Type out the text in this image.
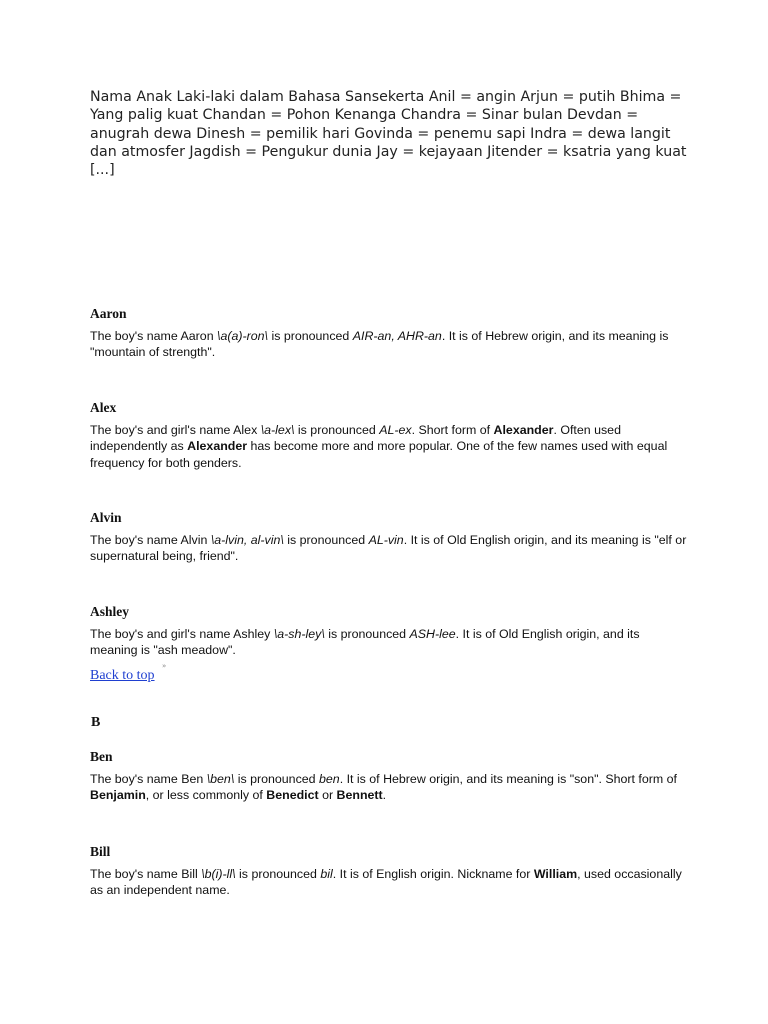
Nama Anak Laki-laki dalam Bahasa Sansekerta Anil = angin Arjun = putih Bhima = Yang palig kuat Chandan = Pohon Kenanga Chandra = Sinar bulan Devdan = anugrah dewa Dinesh = pemilik hari Govinda = penemu sapi Indra = dewa langit dan atmosfer Jagdish = Pengukur dunia Jay = kejayaan Jitender = ksatria yang kuat [...]
Aaron
The boy's name Aaron \a(a)-ron\ is pronounced AIR-an, AHR-an. It is of Hebrew origin, and its meaning is "mountain of strength".
Alex
The boy's and girl's name Alex \a-lex\ is pronounced AL-ex. Short form of Alexander. Often used independently as Alexander has become more and more popular. One of the few names used with equal frequency for both genders.
Alvin
The boy's name Alvin \a-lvin, al-vin\ is pronounced AL-vin. It is of Old English origin, and its meaning is "elf or supernatural being, friend".
Ashley
The boy's and girl's name Ashley \a-sh-ley\ is pronounced ASH-lee. It is of Old English origin, and its meaning is "ash meadow".
Back to top
»
B
Ben
The boy's name Ben \ben\ is pronounced ben. It is of Hebrew origin, and its meaning is "son". Short form of Benjamin, or less commonly of Benedict or Bennett.
Bill
The boy's name Bill \b(i)-ll\ is pronounced bil. It is of English origin. Nickname for William, used occasionally as an independent name.
